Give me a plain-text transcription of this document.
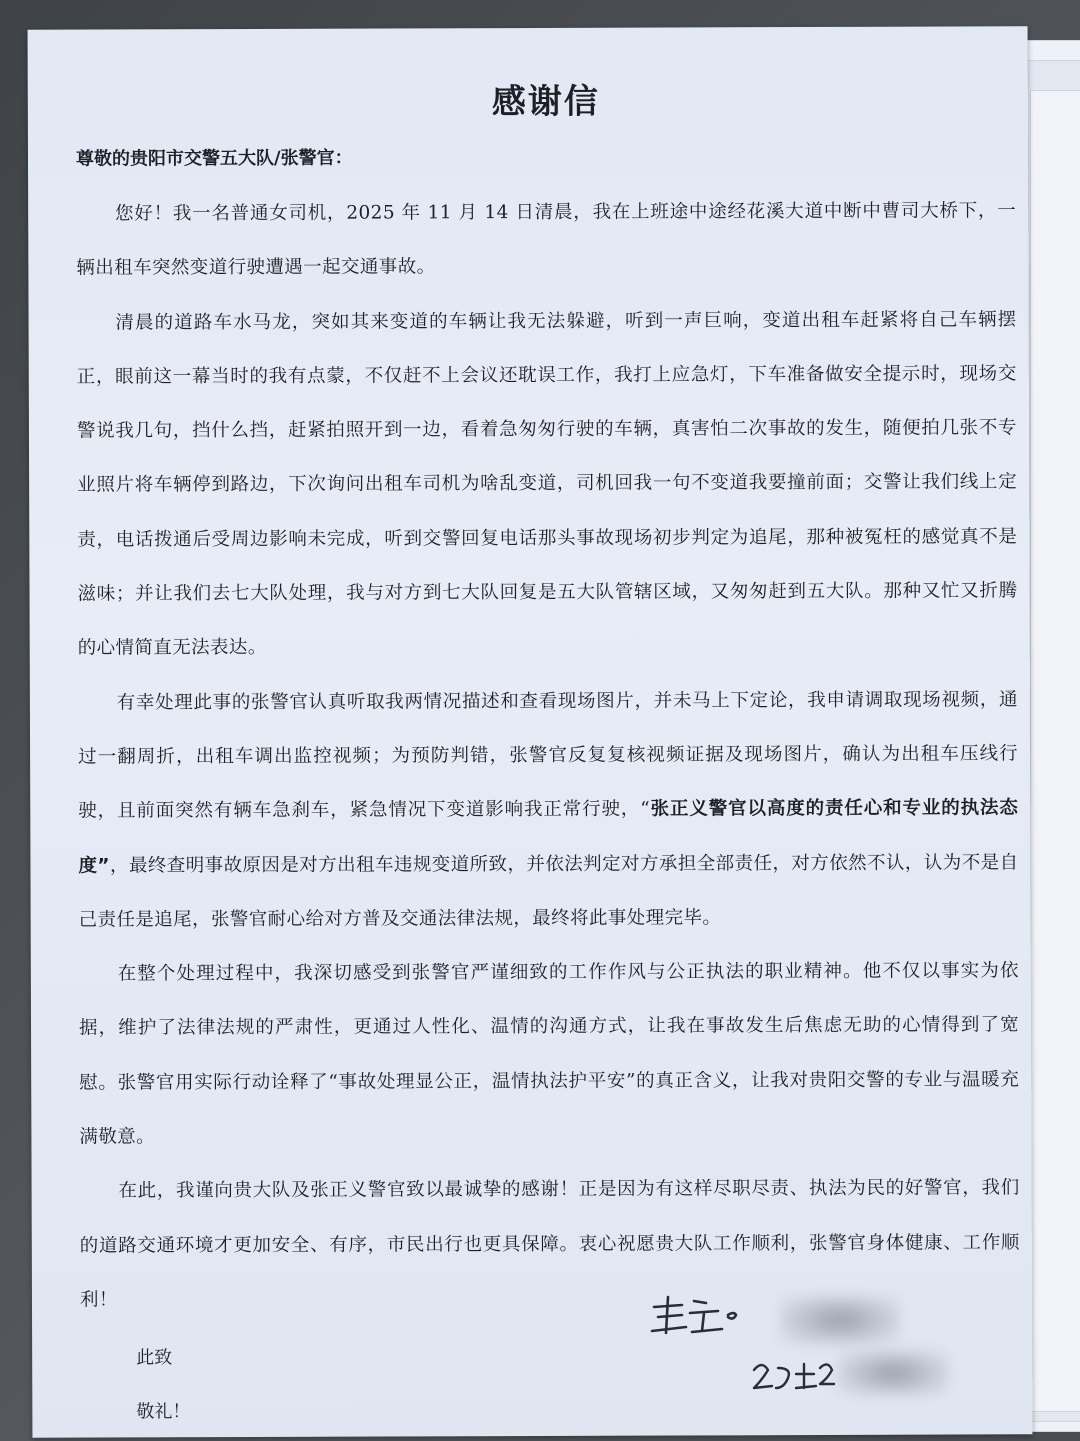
感谢信
尊敬的贵阳市交警五大队/张警官：

您好！我一名普通女司机，2025 年 11 月 14 日清晨，我在上班途中途经花溪大道中断中曹司大桥下，一辆出租车突然变道行驶遭遇一起交通事故。

清晨的道路车水马龙，突如其来变道的车辆让我无法躲避，听到一声巨响，变道出租车赶紧将自己车辆摆正，眼前这一幕当时的我有点蒙，不仅赶不上会议还耽误工作，我打上应急灯，下车准备做安全提示时，现场交警说我几句，挡什么挡，赶紧拍照开到一边，看着急匆匆行驶的车辆，真害怕二次事故的发生，随便拍几张不专业照片将车辆停到路边，下次询问出租车司机为啥乱变道，司机回我一句不变道我要撞前面；交警让我们线上定责，电话拨通后受周边影响未完成，听到交警回复电话那头事故现场初步判定为追尾，那种被冤枉的感觉真不是滋味；并让我们去七大队处理，我与对方到七大队回复是五大队管辖区域，又匆匆赶到五大队。那种又忙又折腾的心情简直无法表达。

有幸处理此事的张警官认真听取我两情况描述和查看现场图片，并未马上下定论，我申请调取现场视频，通过一翻周折，出租车调出监控视频；为预防判错，张警官反复复核视频证据及现场图片，确认为出租车压线行驶，且前面突然有辆车急刹车，紧急情况下变道影响我正常行驶，“张正义警官以高度的责任心和专业的执法态度”，最终查明事故原因是对方出租车违规变道所致，并依法判定对方承担全部责任，对方依然不认，认为不是自己责任是追尾，张警官耐心给对方普及交通法律法规，最终将此事处理完毕。

在整个处理过程中，我深切感受到张警官严谨细致的工作作风与公正执法的职业精神。他不仅以事实为依据，维护了法律法规的严肃性，更通过人性化、温情的沟通方式，让我在事故发生后焦虑无助的心情得到了宽慰。张警官用实际行动诠释了“事故处理显公正，温情执法护平安”的真正含义，让我对贵阳交警的专业与温暖充满敬意。

在此，我谨向贵大队及张正义警官致以最诚挚的感谢！正是因为有这样尽职尽责、执法为民的好警官，我们的道路交通环境才更加安全、有序，市民出行也更具保障。衷心祝愿贵大队工作顺利，张警官身体健康、工作顺利！

此致
敬礼！
车主
